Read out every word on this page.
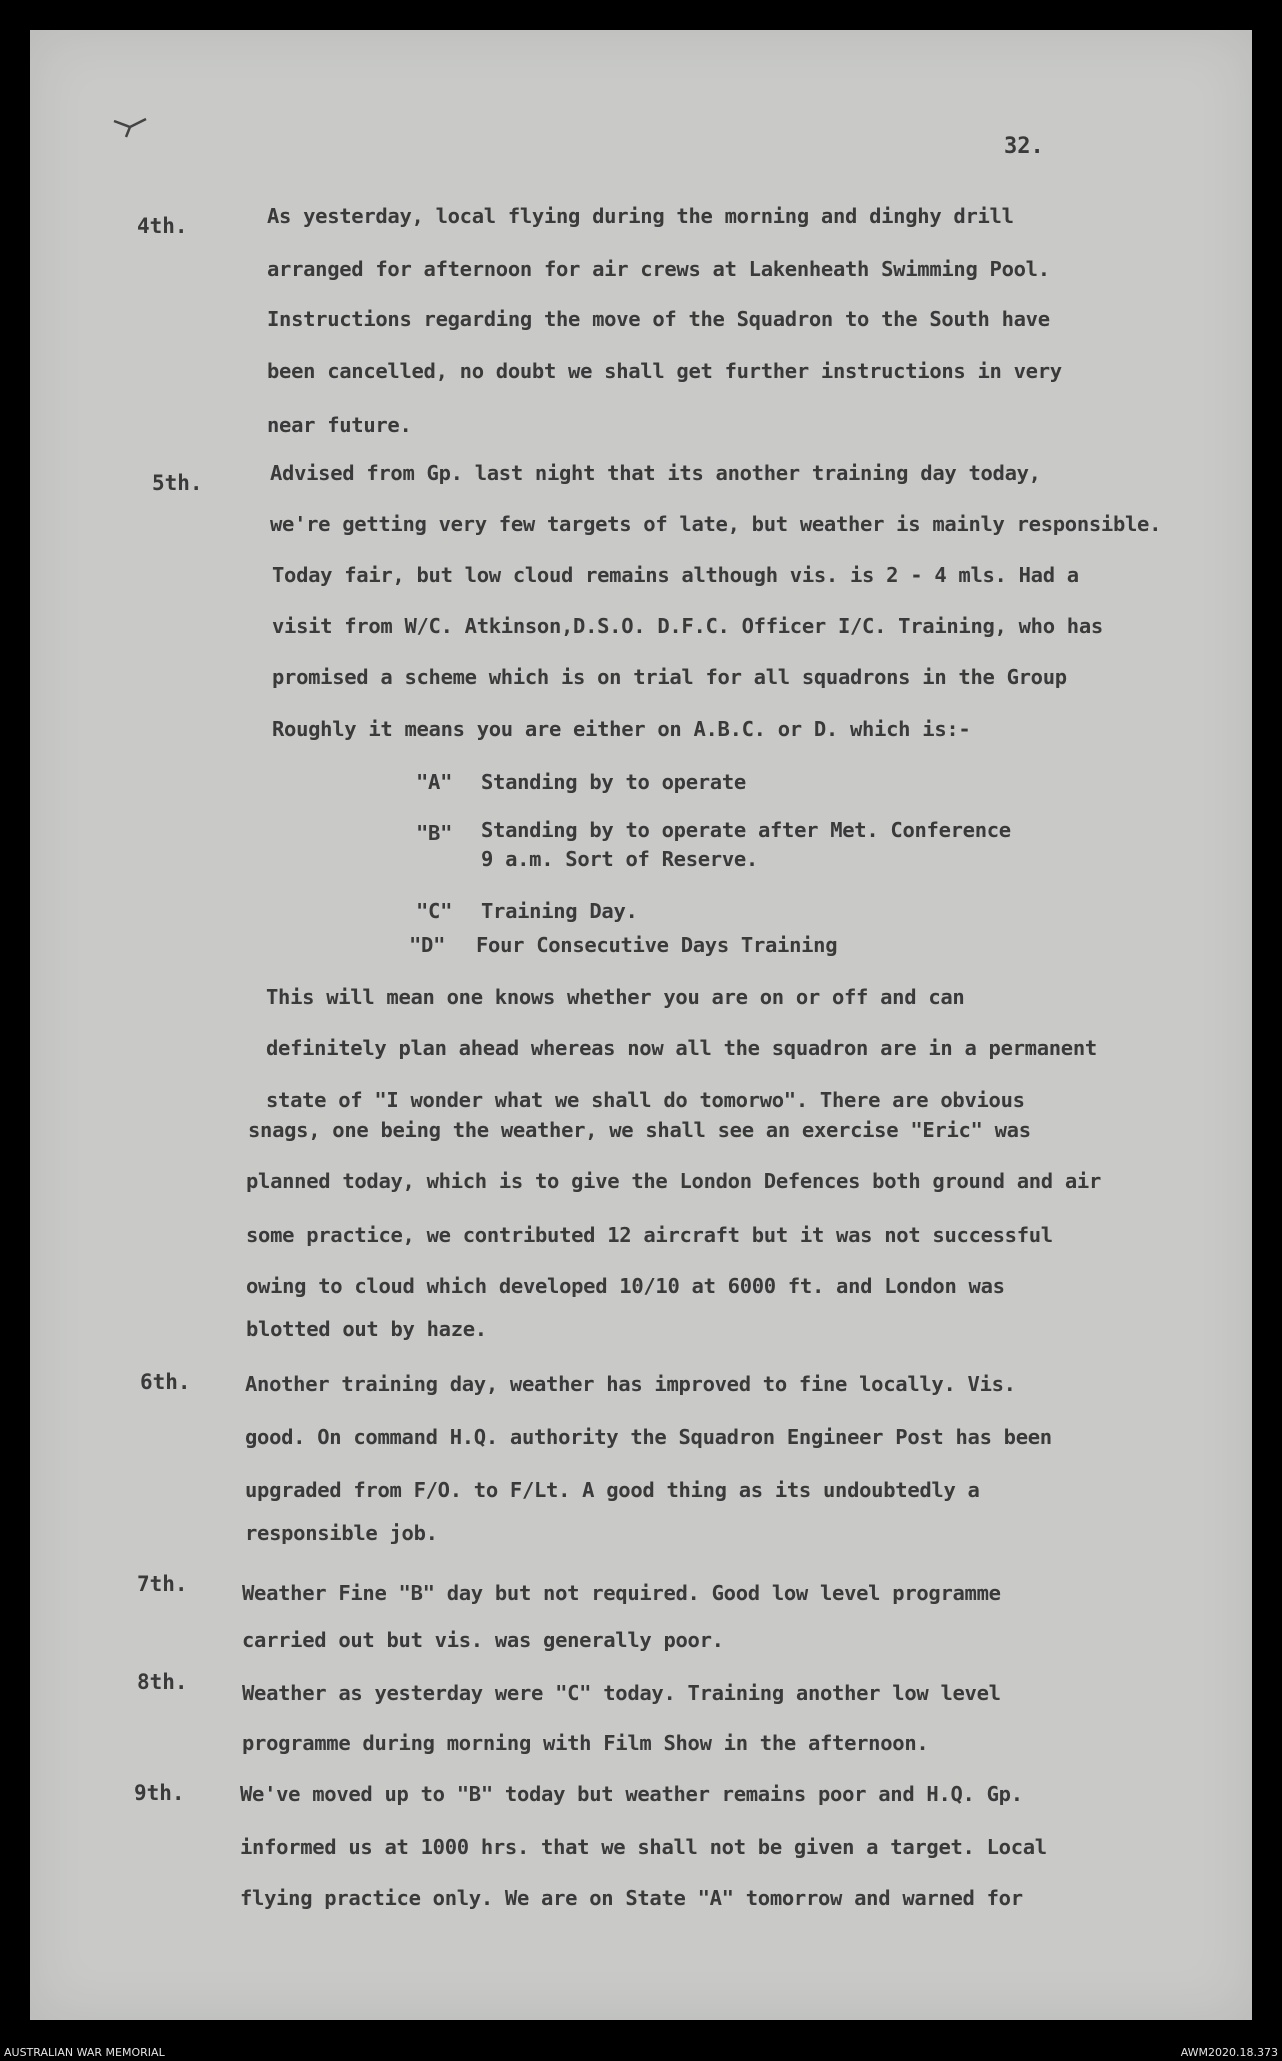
32.
4th.	As yesterday, local flying during the morning and dinghy drill
arranged for afternoon for air crews at Lakenheath Swimming Pool.
Instructions regarding the move of the Squadron to the South have
been cancelled, no doubt we shall get further instructions in very
near future.
5th.	Advised from Gp. last night that its another training day today,
we're getting very few targets of late, but weather is mainly responsible.
Today fair, but low cloud remains although vis. is 2 - 4 mls. Had a
visit from W/C. Atkinson,D.S.O. D.F.C. Officer I/C. Training, who has
promised a scheme which is on trial for all squadrons in the Group
Roughly it means you are either on A.B.C. or D. which is:-
"A" Standing by to operate
"B" Standing by to operate after Met. Conference
9 a.m. Sort of Reserve.
"C" Training Day.
"D" Four Consecutive Days Training
This will mean one knows whether you are on or off and can
definitely plan ahead whereas now all the squadron are in a permanent
state of "I wonder what we shall do tomorwo". There are obvious
snags, one being the weather, we shall see an exercise "Eric" was
planned today, which is to give the London Defences both ground and air
some practice, we contributed 12 aircraft but it was not successful
owing to cloud which developed 10/10 at 6000 ft. and London was
blotted out by haze.
6th.	Another training day, weather has improved to fine locally. Vis.
good. On command H.Q. authority the Squadron Engineer Post has been
upgraded from F/O. to F/Lt. A good thing as its undoubtedly a
responsible job.
7th.	Weather Fine "B" day but not required. Good low level programme
carried out but vis. was generally poor.
8th.	Weather as yesterday were "C" today. Training another low level
programme during morning with Film Show in the afternoon.
9th.	We've moved up to "B" today but weather remains poor and H.Q. Gp.
informed us at 1000 hrs. that we shall not be given a target. Local
flying practice only. We are on State "A" tomorrow and warned for
AUSTRALIAN WAR MEMORIAL	AWM2020.18.373
